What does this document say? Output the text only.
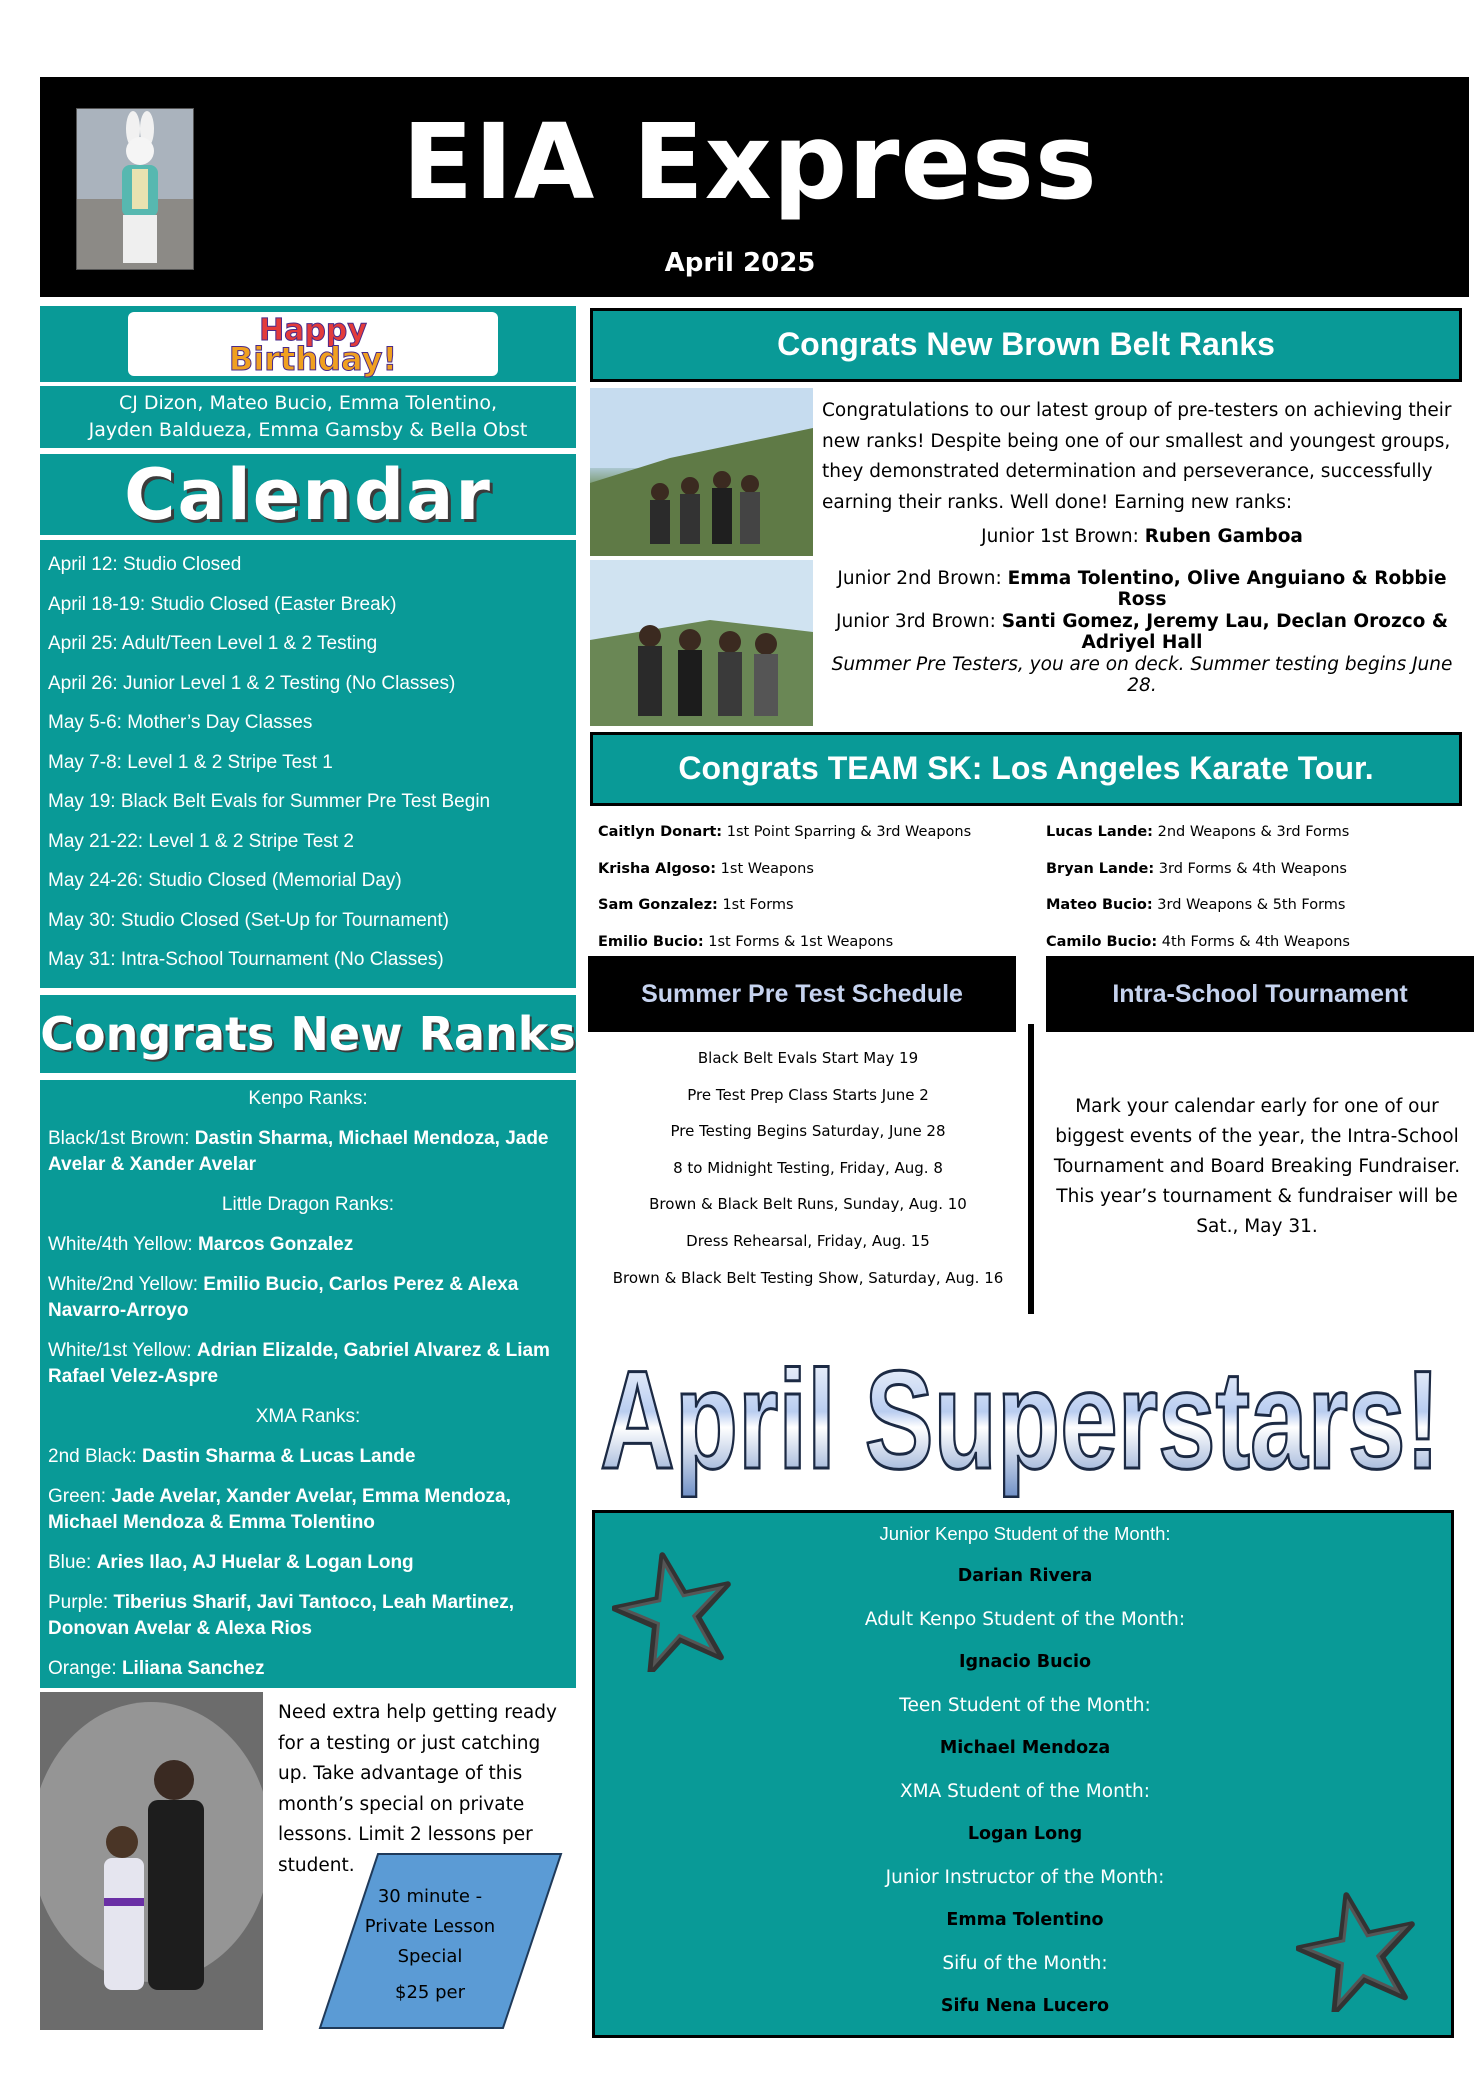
EIA Express
April 2025
Happy
Birthday!
CJ Dizon, Mateo Bucio, Emma Tolentino,
Jayden Baldueza, Emma Gamsby & Bella Obst
Calendar
April 12: Studio Closed
April 18-19: Studio Closed (Easter Break)
April 25: Adult/Teen Level 1 & 2 Testing
April 26: Junior Level 1 & 2 Testing (No Classes)
May 5-6: Mother’s Day Classes
May 7-8: Level 1 & 2 Stripe Test 1
May 19: Black Belt Evals for Summer Pre Test Begin
May 21-22: Level 1 & 2 Stripe Test 2
May 24-26: Studio Closed (Memorial Day)
May 30: Studio Closed (Set-Up for Tournament)
May 31: Intra-School Tournament (No Classes)
Congrats New Ranks
Kenpo Ranks:
Black/1st Brown: Dastin Sharma, Michael Mendoza, Jade Avelar & Xander Avelar
Little Dragon Ranks:
White/4th Yellow: Marcos Gonzalez
White/2nd Yellow: Emilio Bucio, Carlos Perez & Alexa Navarro-Arroyo
White/1st Yellow: Adrian Elizalde, Gabriel Alvarez & Liam Rafael Velez-Aspre
XMA Ranks:
2nd Black: Dastin Sharma & Lucas Lande
Green: Jade Avelar, Xander Avelar, Emma Mendoza, Michael Mendoza & Emma Tolentino
Blue: Aries Ilao, AJ Huelar & Logan Long
Purple: Tiberius Sharif, Javi Tantoco, Leah Martinez, Donovan Avelar & Alexa Rios
Orange: Liliana Sanchez
Need extra help getting ready for a testing or just catching up. Take advantage of this month’s special on private lessons. Limit 2 lessons per student.
30 minute -
Private Lesson
Special
$25 per
Congrats New Brown Belt Ranks
Congratulations to our latest group of pre-testers on achieving their new ranks! Despite being one of our smallest and youngest groups, they demonstrated determination and perseverance, successfully earning their ranks. Well done! Earning new ranks:
Junior 1st Brown: Ruben Gamboa
Junior 2nd Brown: Emma Tolentino, Olive Anguiano & Robbie Ross
Junior 3rd Brown: Santi Gomez, Jeremy Lau, Declan Orozco & Adriyel Hall
Summer Pre Testers, you are on deck. Summer testing begins June 28.
Congrats TEAM SK: Los Angeles Karate Tour.
Caitlyn Donart: 1st Point Sparring & 3rd Weapons
Krisha Algoso: 1st Weapons
Sam Gonzalez: 1st Forms
Emilio Bucio: 1st Forms & 1st Weapons
Lucas Lande: 2nd Weapons & 3rd Forms
Bryan Lande: 3rd Forms & 4th Weapons
Mateo Bucio: 3rd Weapons & 5th Forms
Camilo Bucio: 4th Forms & 4th Weapons
Summer Pre Test Schedule	Intra-School Tournament
Black Belt Evals Start May 19
Pre Test Prep Class Starts June 2
Pre Testing Begins Saturday, June 28
8 to Midnight Testing, Friday, Aug. 8
Brown & Black Belt Runs, Sunday, Aug. 10
Dress Rehearsal, Friday, Aug. 15
Brown & Black Belt Testing Show, Saturday, Aug. 16
Mark your calendar early for one of our biggest events of the year, the Intra-School Tournament and Board Breaking Fundraiser. This year’s tournament & fundraiser will be Sat., May 31.
April Superstars!
Junior Kenpo Student of the Month:
Darian Rivera
Adult Kenpo Student of the Month:
Ignacio Bucio
Teen Student of the Month:
Michael Mendoza
XMA Student of the Month:
Logan Long
Junior Instructor of the Month:
Emma Tolentino
Sifu of the Month:
Sifu Nena Lucero
